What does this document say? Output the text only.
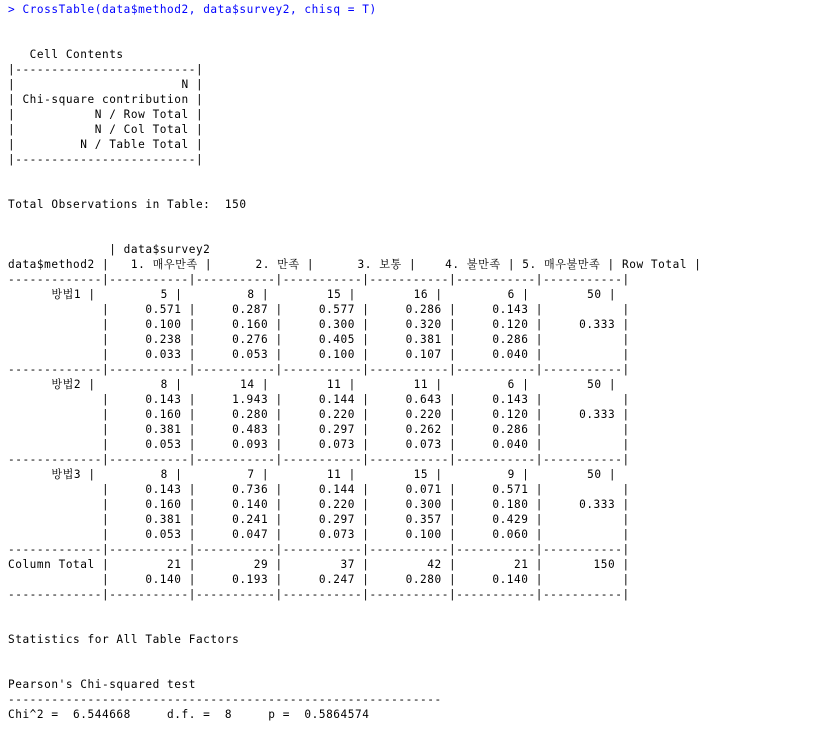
> CrossTable(data$method2, data$survey2, chisq = T)
Cell Contents
|-------------------------|
|                       N |
| Chi-square contribution |
|           N / Row Total |
|           N / Col Total |
|         N / Table Total |
|-------------------------|
Total Observations in Table:  150
| data$survey2
data$method2 |   1. 매우만족 |      2. 만족 |      3. 보통 |    4. 불만족 | 5. 매우불만족 | Row Total |
-------------|-----------|-----------|-----------|-----------|-----------|-----------|
방법1 |         5 |         8 |        15 |        16 |         6 |        50 |
|     0.571 |     0.287 |     0.577 |     0.286 |     0.143 |           |
|     0.100 |     0.160 |     0.300 |     0.320 |     0.120 |     0.333 |
|     0.238 |     0.276 |     0.405 |     0.381 |     0.286 |           |
|     0.033 |     0.053 |     0.100 |     0.107 |     0.040 |           |
-------------|-----------|-----------|-----------|-----------|-----------|-----------|
방법2 |         8 |        14 |        11 |        11 |         6 |        50 |
|     0.143 |     1.943 |     0.144 |     0.643 |     0.143 |           |
|     0.160 |     0.280 |     0.220 |     0.220 |     0.120 |     0.333 |
|     0.381 |     0.483 |     0.297 |     0.262 |     0.286 |           |
|     0.053 |     0.093 |     0.073 |     0.073 |     0.040 |           |
-------------|-----------|-----------|-----------|-----------|-----------|-----------|
방법3 |         8 |         7 |        11 |        15 |         9 |        50 |
|     0.143 |     0.736 |     0.144 |     0.071 |     0.571 |           |
|     0.160 |     0.140 |     0.220 |     0.300 |     0.180 |     0.333 |
|     0.381 |     0.241 |     0.297 |     0.357 |     0.429 |           |
|     0.053 |     0.047 |     0.073 |     0.100 |     0.060 |           |
-------------|-----------|-----------|-----------|-----------|-----------|-----------|
Column Total |        21 |        29 |        37 |        42 |        21 |       150 |
|     0.140 |     0.193 |     0.247 |     0.280 |     0.140 |           |
-------------|-----------|-----------|-----------|-----------|-----------|-----------|
Statistics for All Table Factors
Pearson's Chi-squared test
------------------------------------------------------------
Chi^2 =  6.544668     d.f. =  8     p =  0.5864574
